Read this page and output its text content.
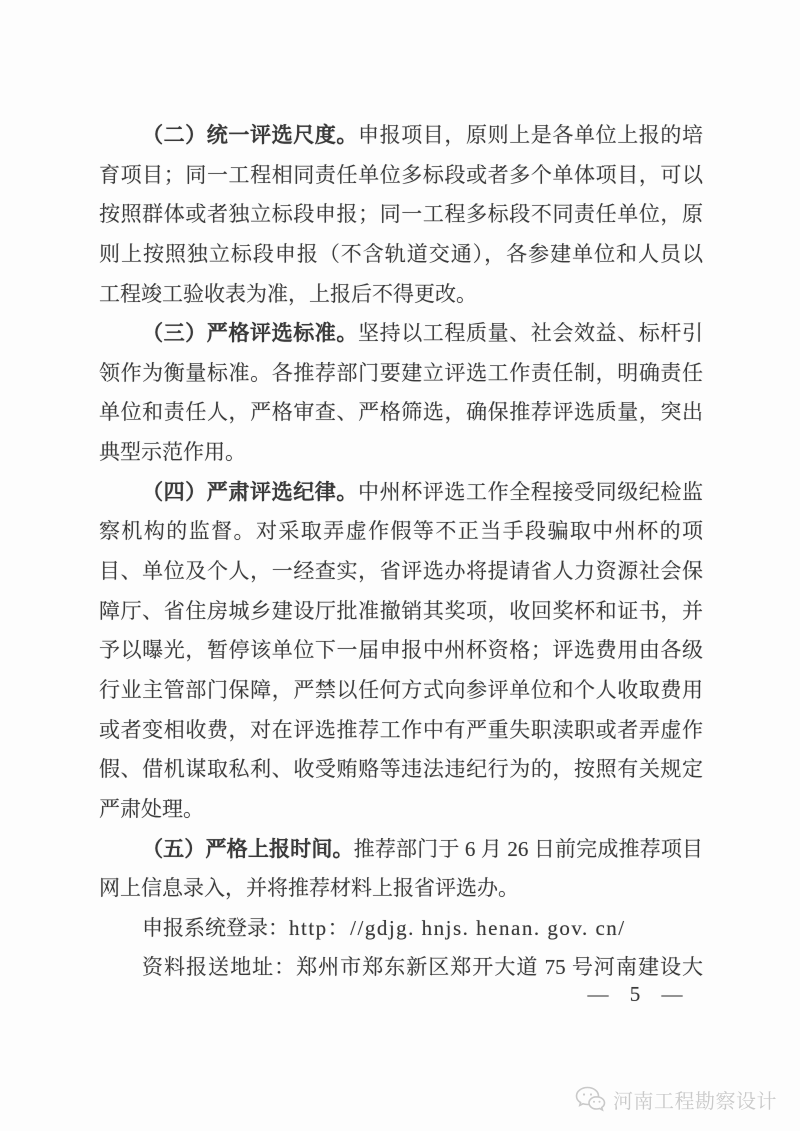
（二）统一评选尺度。申报项目，原则上是各单位上报的培
育项目；同一工程相同责任单位多标段或者多个单体项目，可以
按照群体或者独立标段申报；同一工程多标段不同责任单位，原
则上按照独立标段申报（不含轨道交通），各参建单位和人员以
工程竣工验收表为准，上报后不得更改。
（三）严格评选标准。坚持以工程质量、社会效益、标杆引
领作为衡量标准。各推荐部门要建立评选工作责任制，明确责任
单位和责任人，严格审查、严格筛选，确保推荐评选质量，突出
典型示范作用。
（四）严肃评选纪律。中州杯评选工作全程接受同级纪检监
察机构的监督。对采取弄虚作假等不正当手段骗取中州杯的项
目、单位及个人，一经查实，省评选办将提请省人力资源社会保
障厅、省住房城乡建设厅批准撤销其奖项，收回奖杯和证书，并
予以曝光，暂停该单位下一届申报中州杯资格；评选费用由各级
行业主管部门保障，严禁以任何方式向参评单位和个人收取费用
或者变相收费，对在评选推荐工作中有严重失职渎职或者弄虚作
假、借机谋取私利、收受贿赂等违法违纪行为的，按照有关规定
严肃处理。
（五）严格上报时间。推荐部门于 6 月 26 日前完成推荐项目
网上信息录入，并将推荐材料上报省评选办。
申报系统登录：http：//gdjg. hnjs. henan. gov. cn/
资料报送地址：郑州市郑东新区郑开大道 75 号河南建设大
— 5 —
河南工程勘察设计
